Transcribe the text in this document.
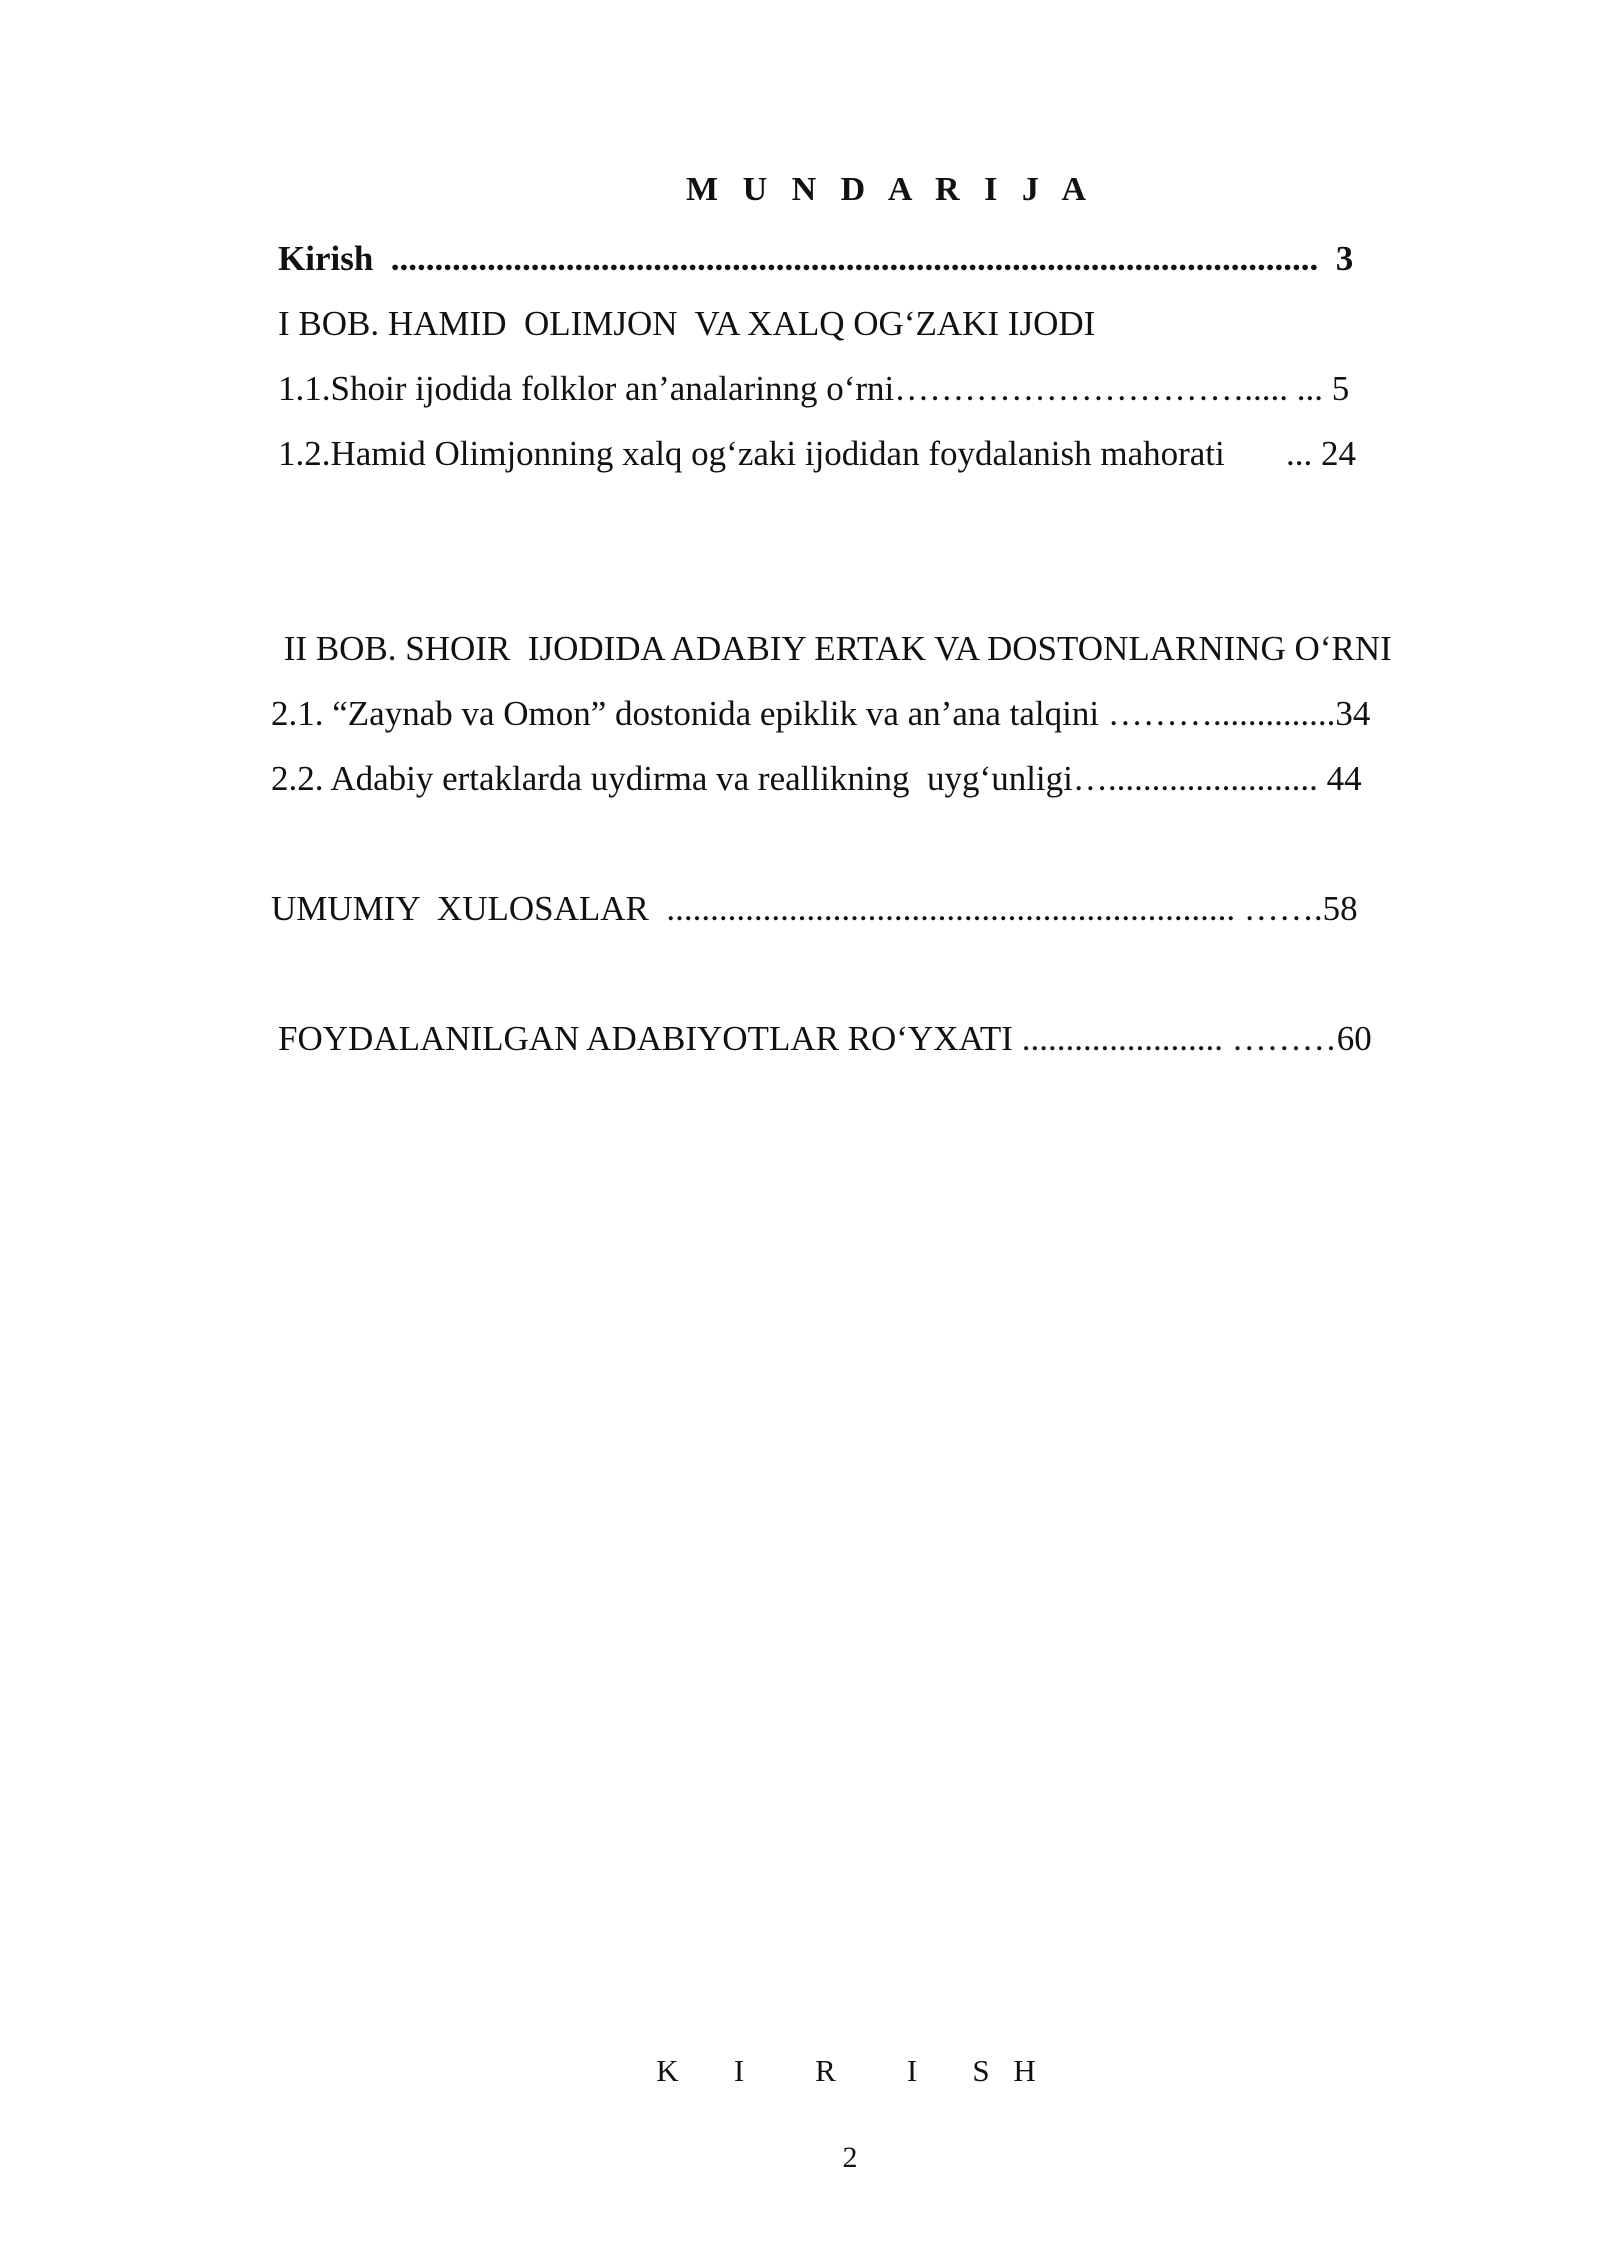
M U N D A R I J A
Kirish  ..........................................................................................................  3
I BOB. HAMID  OLIMJON  VA XALQ OG‘ZAKI IJODI
1.1.Shoir ijodida folklor an’analarinng o‘rni…………………………..... ... 5
1.2.Hamid Olimjonning xalq og‘zaki ijodidan foydalanish mahorati       ... 24
II BOB. SHOIR  IJODIDA ADABIY ERTAK VA DOSTONLARNING O‘RNI
2.1. “Zaynab va Omon” dostonida epiklik va an’ana talqini ………..............34
2.2. Adabiy ertaklarda uydirma va reallikning  uyg‘unligi…........................ 44
UMUMIY  XULOSALAR  ................................................................. …….58
FOYDALANILGAN ADABIYOTLAR RO‘YXATI ....................... ………60
K   I    R    I   S H
2
